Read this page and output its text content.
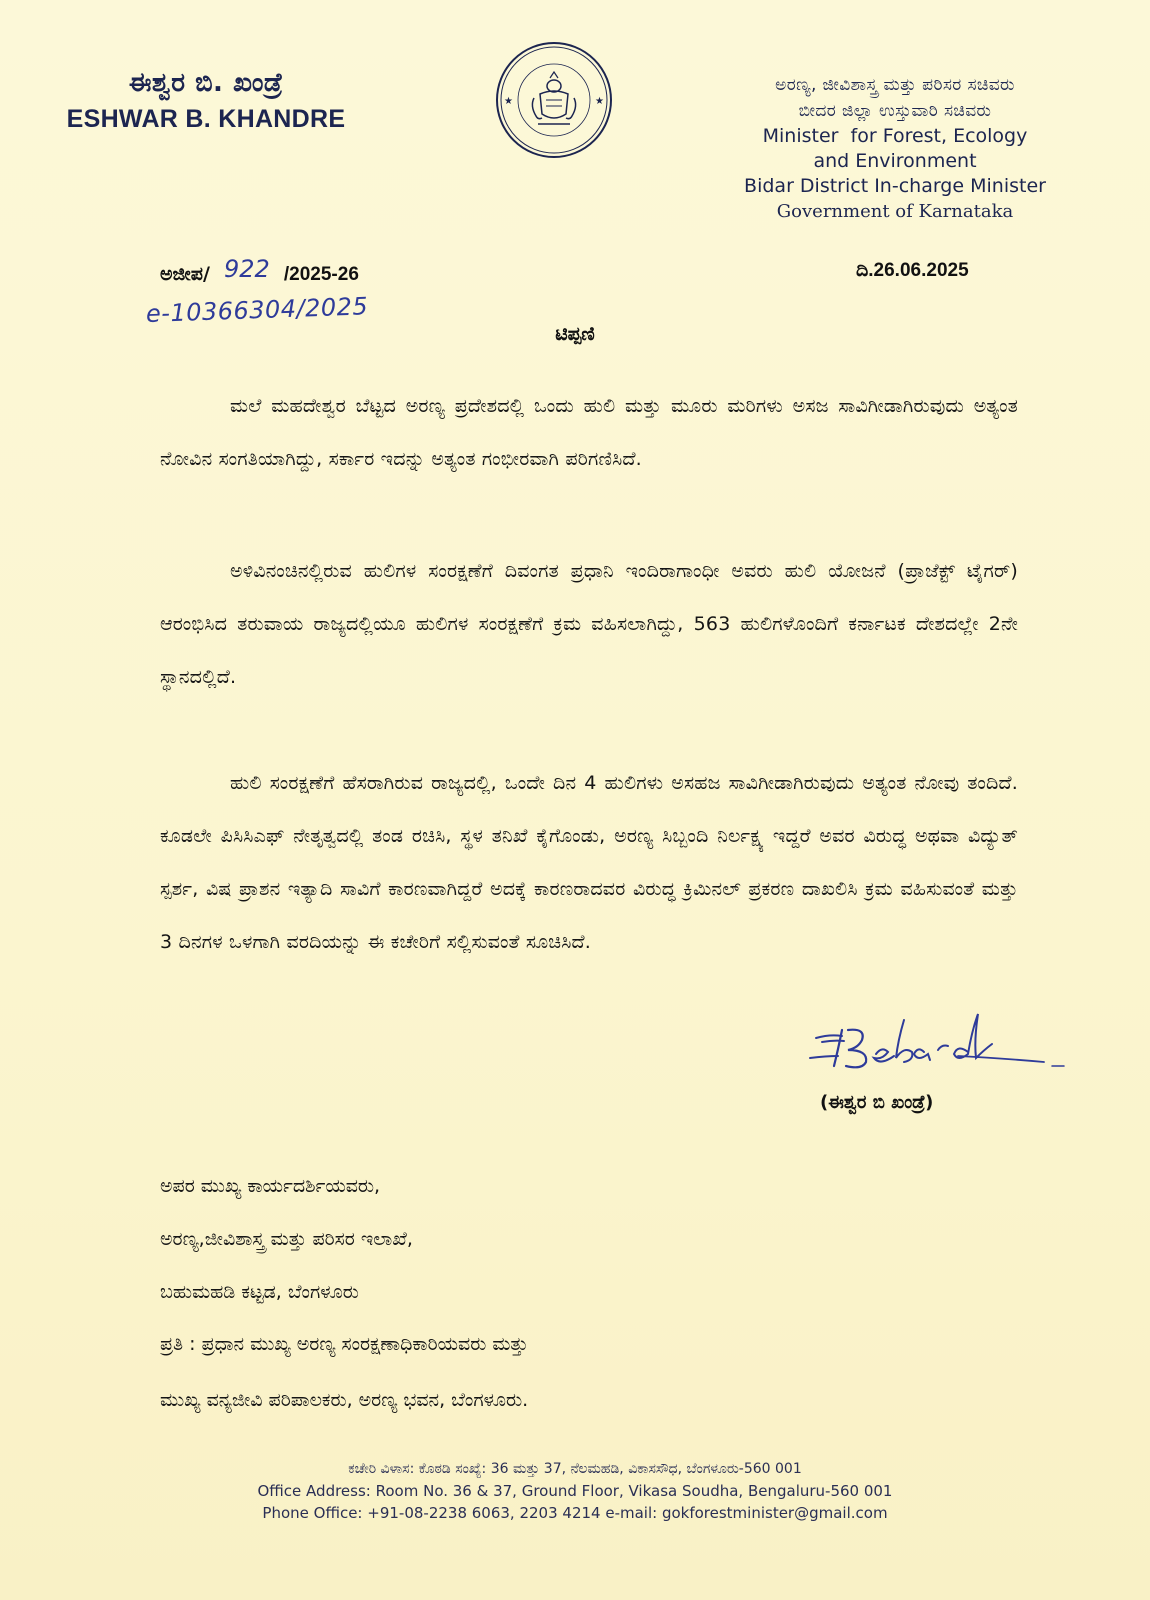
ಈಶ್ವರ ಬಿ. ಖಂಡ್ರೆ
ESHWAR B. KHANDRE
★	★
ಅರಣ್ಯ, ಜೀವಿಶಾಸ್ತ್ರ ಮತ್ತು ಪರಿಸರ ಸಚಿವರು
ಬೀದರ ಜಿಲ್ಲಾ ಉಸ್ತುವಾರಿ ಸಚಿವರು
Minister  for Forest, Ecology
and Environment
Bidar District In-charge Minister
Government of Karnataka
ಅಜೀಪ/ 922 /2025-26	ದಿ.26.06.2025
e-10366304/2025
ಟಿಪ್ಪಣಿ

ಮಲೆ ಮಹದೇಶ್ವರ ಬೆಟ್ಟದ ಅರಣ್ಯ ಪ್ರದೇಶದಲ್ಲಿ ಒಂದು ಹುಲಿ ಮತ್ತು ಮೂರು ಮರಿಗಳು ಅಸಜ ಸಾವಿಗೀಡಾಗಿರುವುದು ಅತ್ಯಂತ ನೋವಿನ ಸಂಗತಿಯಾಗಿದ್ದು, ಸರ್ಕಾರ ಇದನ್ನು ಅತ್ಯಂತ ಗಂಭೀರವಾಗಿ ಪರಿಗಣಿಸಿದೆ.

ಅಳಿವಿನಂಚಿನಲ್ಲಿರುವ ಹುಲಿಗಳ ಸಂರಕ್ಷಣೆಗೆ ದಿವಂಗತ ಪ್ರಧಾನಿ ಇಂದಿರಾಗಾಂಧೀ ಅವರು ಹುಲಿ ಯೋಜನೆ (ಪ್ರಾಜೆಕ್ಟ್ ಟೈಗರ್) ಆರಂಭಿಸಿದ ತರುವಾಯ ರಾಜ್ಯದಲ್ಲಿಯೂ ಹುಲಿಗಳ ಸಂರಕ್ಷಣೆಗೆ ಕ್ರಮ ವಹಿಸಲಾಗಿದ್ದು, 563 ಹುಲಿಗಳೊಂದಿಗೆ ಕರ್ನಾಟಕ ದೇಶದಲ್ಲೇ 2ನೇ ಸ್ಥಾನದಲ್ಲಿದೆ.

ಹುಲಿ ಸಂರಕ್ಷಣೆಗೆ ಹೆಸರಾಗಿರುವ ರಾಜ್ಯದಲ್ಲಿ, ಒಂದೇ ದಿನ 4 ಹುಲಿಗಳು ಅಸಹಜ ಸಾವಿಗೀಡಾಗಿರುವುದು ಅತ್ಯಂತ ನೋವು ತಂದಿದೆ. ಕೂಡಲೇ ಪಿಸಿಸಿಎಫ್ ನೇತೃತ್ವದಲ್ಲಿ ತಂಡ ರಚಿಸಿ, ಸ್ಥಳ ತನಿಖೆ ಕೈಗೊಂಡು, ಅರಣ್ಯ ಸಿಬ್ಬಂದಿ ನಿರ್ಲಕ್ಷ್ಯ ಇದ್ದರೆ ಅವರ ವಿರುದ್ಧ ಅಥವಾ ವಿದ್ಯುತ್ ಸ್ಪರ್ಶ, ವಿಷ ಪ್ರಾಶನ ಇತ್ಯಾದಿ ಸಾವಿಗೆ ಕಾರಣವಾಗಿದ್ದರೆ ಅದಕ್ಕೆ ಕಾರಣರಾದವರ ವಿರುದ್ಧ ಕ್ರಿಮಿನಲ್ ಪ್ರಕರಣ ದಾಖಲಿಸಿ ಕ್ರಮ ವಹಿಸುವಂತೆ ಮತ್ತು 3 ದಿನಗಳ ಒಳಗಾಗಿ ವರದಿಯನ್ನು ಈ ಕಚೇರಿಗೆ ಸಲ್ಲಿಸುವಂತೆ ಸೂಚಿಸಿದೆ.

(ಈಶ್ವರ ಬಿ ಖಂಡ್ರೆ)
ಅಪರ ಮುಖ್ಯ ಕಾರ್ಯದರ್ಶಿಯವರು,
ಅರಣ್ಯ,ಜೀವಿಶಾಸ್ತ್ರ ಮತ್ತು ಪರಿಸರ ಇಲಾಖೆ,
ಬಹುಮಹಡಿ ಕಟ್ಟಡ, ಬೆಂಗಳೂರು
ಪ್ರತಿ : ಪ್ರಧಾನ ಮುಖ್ಯ ಅರಣ್ಯ ಸಂರಕ್ಷಣಾಧಿಕಾರಿಯವರು ಮತ್ತು
ಮುಖ್ಯ ವನ್ಯಜೀವಿ ಪರಿಪಾಲಕರು, ಅರಣ್ಯ ಭವನ, ಬೆಂಗಳೂರು.
ಕಚೇರಿ ವಿಳಾಸ: ಕೊಠಡಿ ಸಂಖ್ಯೆ: 36 ಮತ್ತು 37, ನೆಲಮಹಡಿ, ವಿಕಾಸಸೌಧ, ಬೆಂಗಳೂರು-560 001
Office Address: Room No. 36 & 37, Ground Floor, Vikasa Soudha, Bengaluru-560 001
Phone Office: +91-08-2238 6063, 2203 4214 e-mail: gokforestminister@gmail.com
